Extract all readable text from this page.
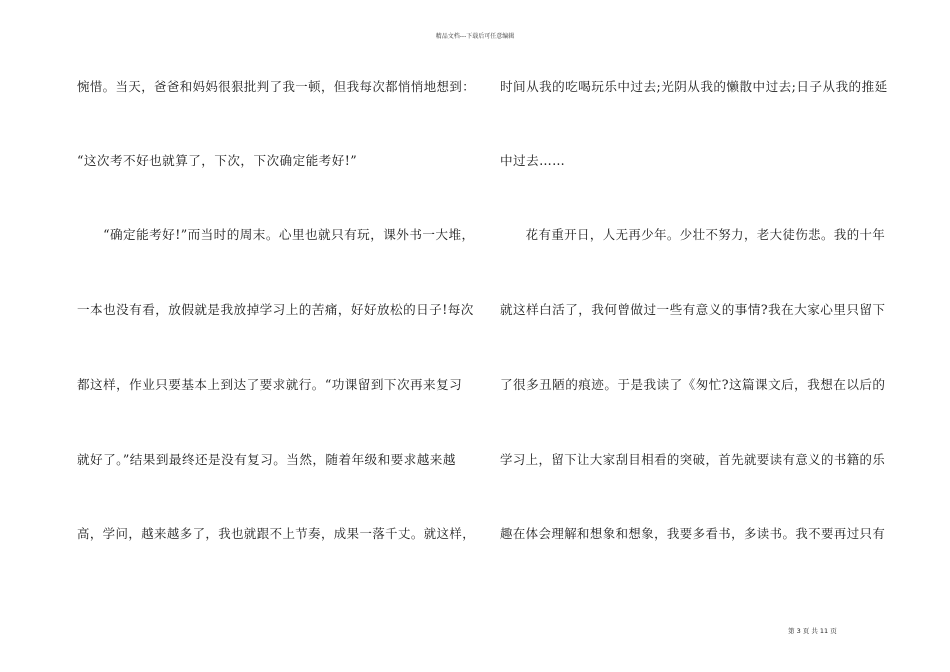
精品文档---下载后可任意编辑
惋惜。当天，爸爸和妈妈很狠批判了我一顿，但我每次都悄悄地想到：
“这次考不好也就算了，下次，下次确定能考好!”
　　“确定能考好!”而当时的周末。心里也就只有玩，课外书一大堆，
一本也没有看，放假就是我放掉学习上的苦痛，好好放松的日子!每次
都这样，作业只要基本上到达了要求就行。“功课留到下次再来复习
就好了。”结果到最终还是没有复习。当然，随着年级和要求越来越
高，学问，越来越多了，我也就跟不上节奏，成果一落千丈。就这样，
时间从我的吃喝玩乐中过去;光阴从我的懒散中过去;日子从我的推延
中过去……
　　花有重开日，人无再少年。少壮不努力，老大徒伤悲。我的十年
就这样白活了，我何曾做过一些有意义的事情?我在大家心里只留下
了很多丑陋的痕迹。于是我读了《匆忙?这篇课文后，我想在以后的
学习上，留下让大家刮目相看的突破，首先就要读有意义的书籍的乐
趣在体会理解和想象和想象，我要多看书，多读书。我不要再过只有
第 3 页 共 11 页
